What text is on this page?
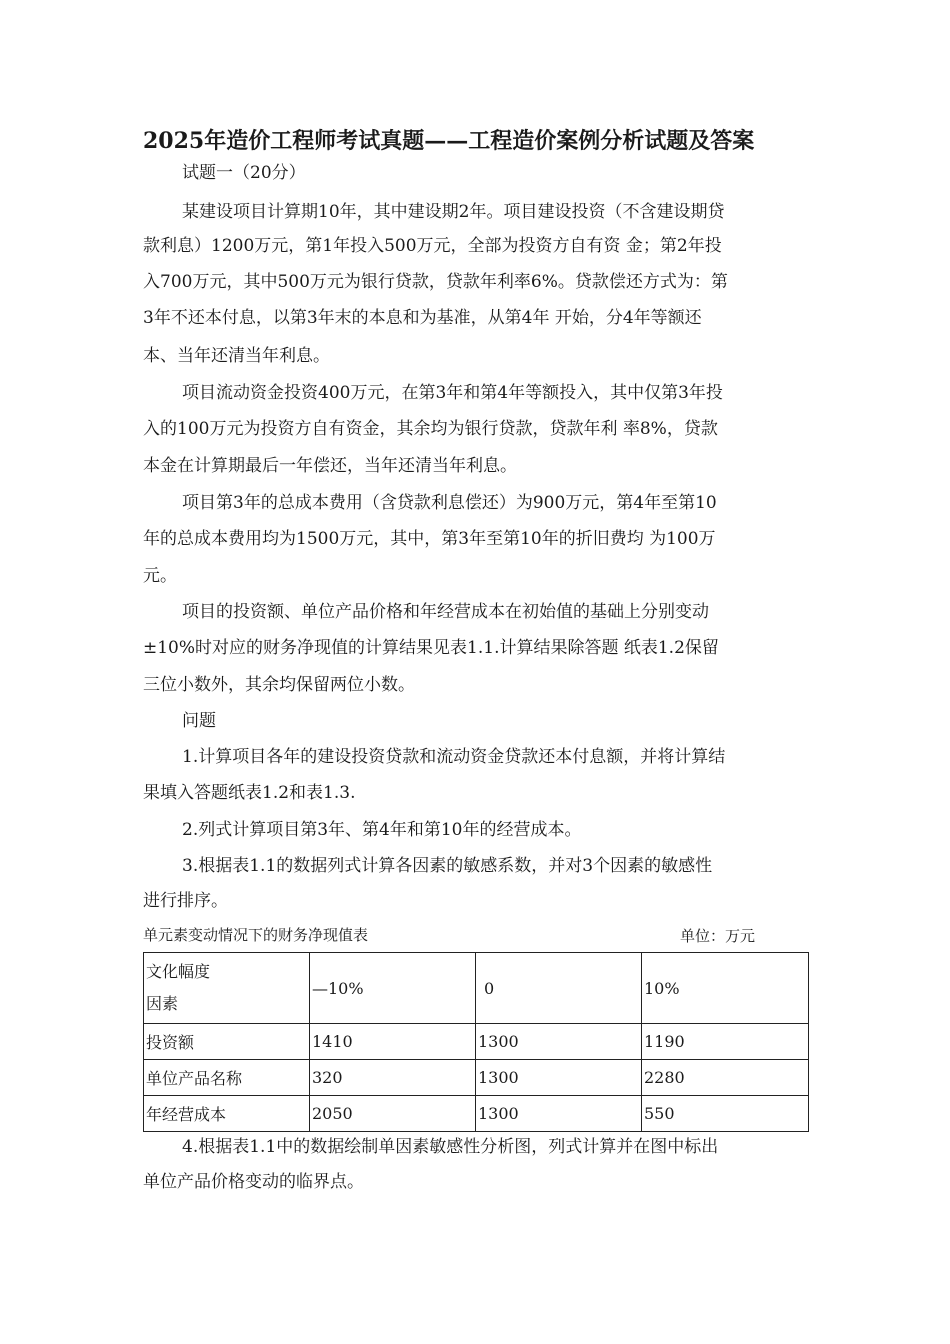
2025年造价工程师考试真题——工程造价案例分析试题及答案
试题一（20分）
某建设项目计算期10年，其中建设期2年。项目建设投资（不含建设期贷
款利息）1200万元，第1年投入500万元，全部为投资方自有资 金；第2年投
入700万元，其中500万元为银行贷款，贷款年利率6%。贷款偿还方式为：第
3年不还本付息，以第3年末的本息和为基准，从第4年 开始，分4年等额还
本、当年还清当年利息。
项目流动资金投资400万元，在第3年和第4年等额投入，其中仅第3年投
入的100万元为投资方自有资金，其余均为银行贷款，贷款年利 率8%，贷款
本金在计算期最后一年偿还，当年还清当年利息。
项目第3年的总成本费用（含贷款利息偿还）为900万元，第4年至第10
年的总成本费用均为1500万元，其中，第3年至第10年的折旧费均 为100万
元。
项目的投资额、单位产品价格和年经营成本在初始值的基础上分别变动
±10%时对应的财务净现值的计算结果见表1.1.计算结果除答题 纸表1.2保留
三位小数外，其余均保留两位小数。
问题
1.计算项目各年的建设投资贷款和流动资金贷款还本付息额，并将计算结
果填入答题纸表1.2和表1.3.
2.列式计算项目第3年、第4年和第10年的经营成本。
3.根据表1.1的数据列式计算各因素的敏感系数，并对3个因素的敏感性
进行排序。
单元素变动情况下的财务净现值表	单位：万元
文化幅度
因素	—10%	0	10%
投资额	1410	1300	1190
单位产品名称	320	1300	2280
年经营成本	2050	1300	550
4.根据表1.1中的数据绘制单因素敏感性分析图，列式计算并在图中标出
单位产品价格变动的临界点。
